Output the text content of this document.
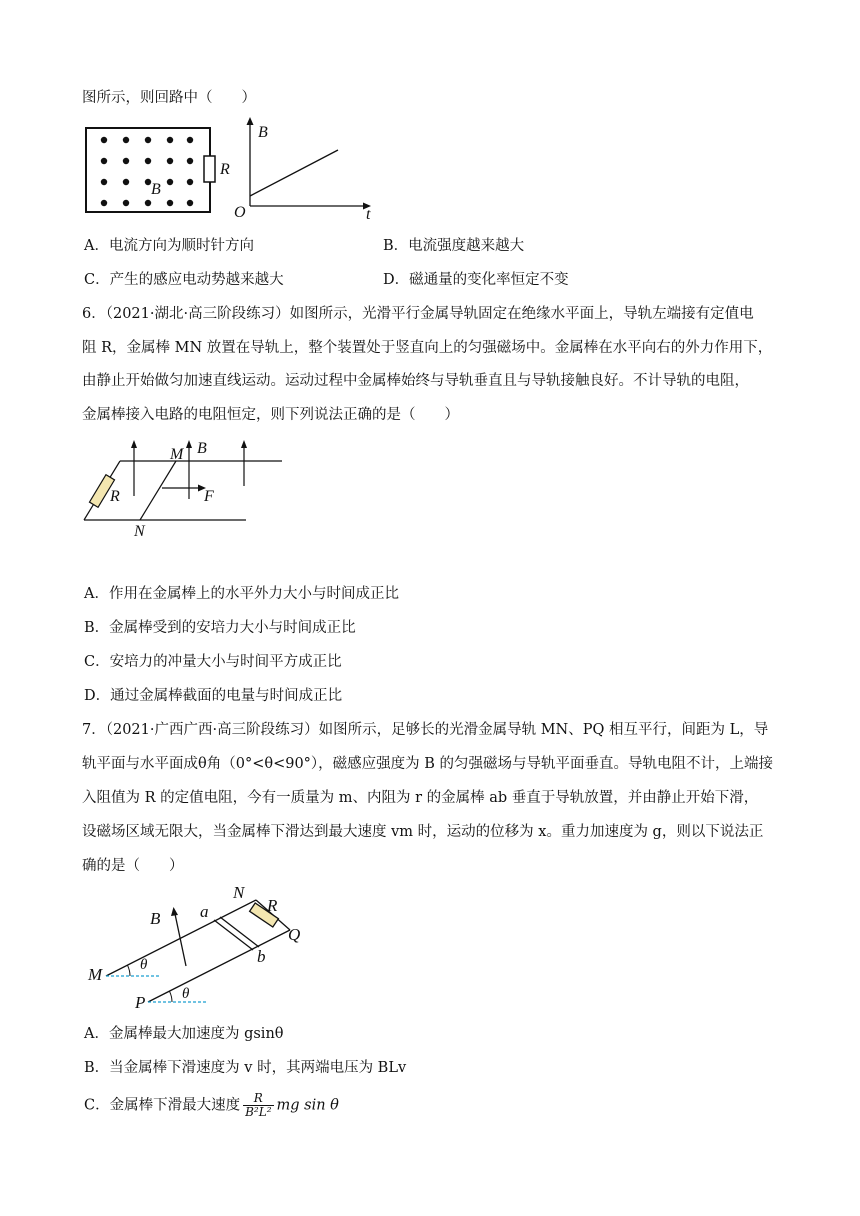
图所示，则回路中（　　）
R
B
B
O	t
A．电流方向为顺时针方向	B．电流强度越来越大
C．产生的感应电动势越来越大	D．磁通量的变化率恒定不变
6．（2021·湖北·高三阶段练习）如图所示，光滑平行金属导轨固定在绝缘水平面上，导轨左端接有定值电
阻 R，金属棒 MN 放置在导轨上，整个装置处于竖直向上的匀强磁场中。金属棒在水平向右的外力作用下，
由静止开始做匀加速直线运动。运动过程中金属棒始终与导轨垂直且与导轨接触良好。不计导轨的电阻，
金属棒接入电路的电阻恒定，则下列说法正确的是（　　）
M B
R	F
N
A．作用在金属棒上的水平外力大小与时间成正比
B．金属棒受到的安培力大小与时间成正比
C．安培力的冲量大小与时间平方成正比
D．通过金属棒截面的电量与时间成正比
7．（2021·广西广西·高三阶段练习）如图所示，足够长的光滑金属导轨 MN、PQ 相互平行，间距为 L，导
轨平面与水平面成θ角（0°<θ<90°），磁感应强度为 B 的匀强磁场与导轨平面垂直。导轨电阻不计，上端接
入阻值为 R 的定值电阻，今有一质量为 m、内阻为 r 的金属棒 ab 垂直于导轨放置，并由静止开始下滑，
设磁场区域无限大，当金属棒下滑达到最大速度 vm 时，运动的位移为 x。重力加速度为 g，则以下说法正
确的是（　　）
B a
N
R
Q
M	θ	b
P θ
A．金属棒最大加速度为 gsinθ
B．当金属棒下滑速度为 v 时，其两端电压为 BLv
C．金属棒下滑最大速度 $\frac{R}{\text{B²L²}}$ mg sin θ
